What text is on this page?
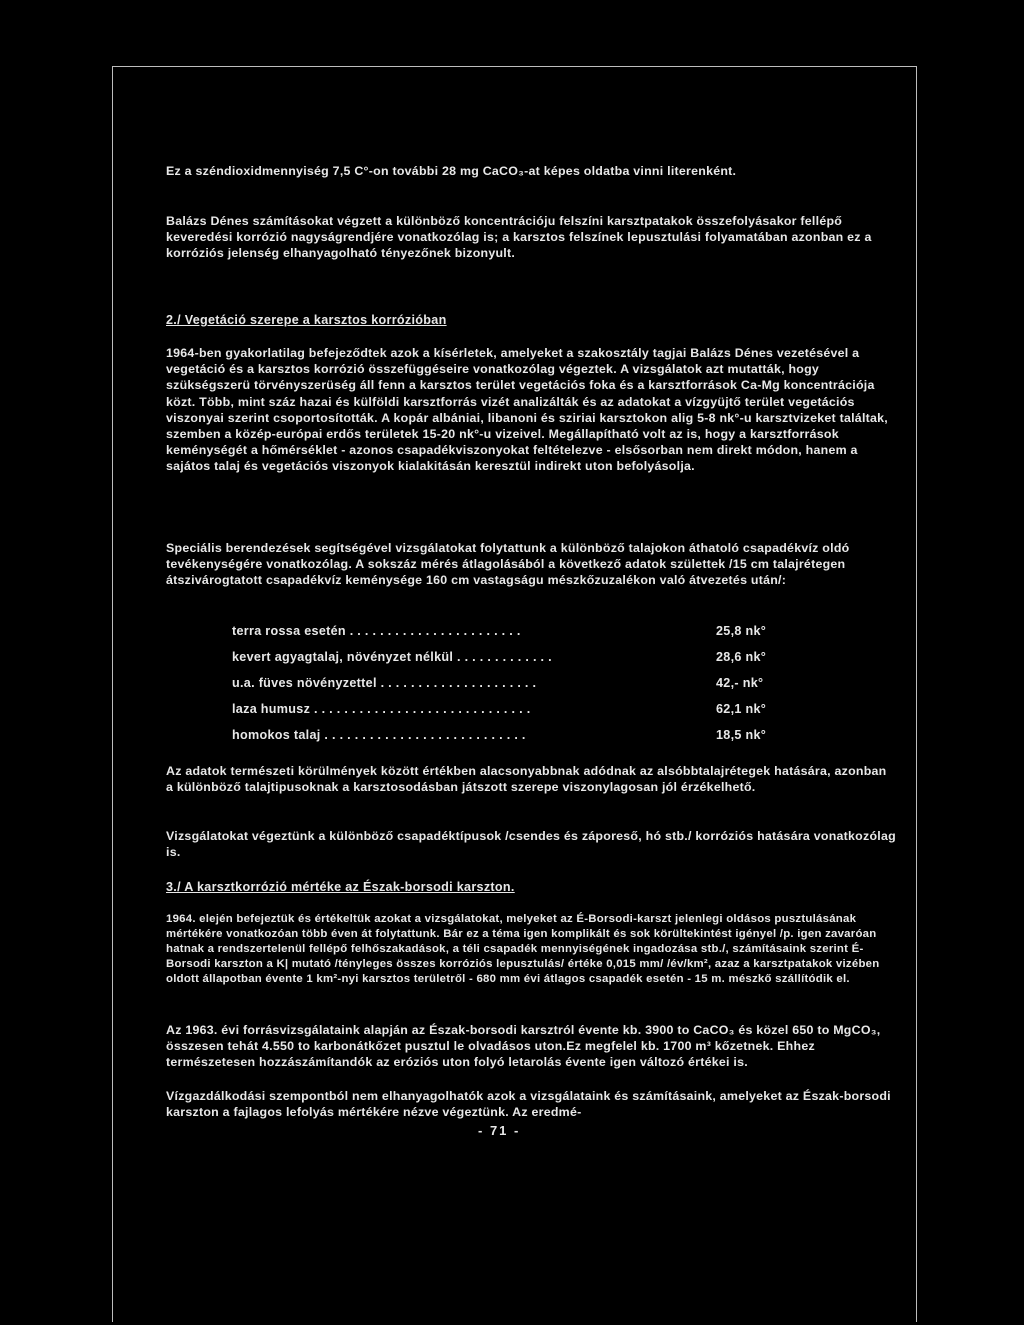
Ez a széndioxidmennyiség 7,5 C°-on további 28 mg CaCO₃-at képes oldatba vinni literenként.

Balázs Dénes számításokat végzett a különböző koncentrációju felszíni karsztpatakok összefolyásakor fellépő keveredési korrózió nagyságrendjére vonatkozólag is; a karsztos felszínek lepusztulási folyamatában azonban ez a korróziós jelenség elhanyagolható tényezőnek bizonyult.

2./ Vegetáció szerepe a karsztos korrózióban

1964-ben gyakorlatilag befejeződtek azok a kísérletek, amelyeket a szakosztály tagjai Balázs Dénes vezetésével a vegetáció és a karsztos korrózió összefüggéseire vonatkozólag végeztek. A vizsgálatok azt mutatták, hogy szükségszerü törvényszerüség áll fenn a karsztos terület vegetációs foka és a karsztforrások Ca-Mg koncentrációja közt. Több, mint száz hazai és külföldi karsztforrás vizét analizálták és az adatokat a vízgyüjtő terület vegetációs viszonyai szerint csoportosították. A kopár albániai, libanoni és sziriai karsztokon alig 5-8 nk°-u karsztvizeket találtak, szemben a közép-európai erdős területek 15-20 nk°-u vizeivel. Megállapítható volt az is, hogy a karsztforrások keménységét a hőmérséklet - azonos csapadékviszonyokat feltételezve - elsősorban nem direkt módon, hanem a sajátos talaj és vegetációs viszonyok kialakitásán keresztül indirekt uton befolyásolja.

Speciális berendezések segítségével vizsgálatokat folytattunk a különböző talajokon áthatoló csapadékvíz oldó tevékenységére vonatkozólag. A sokszáz mérés átlagolásából a következő adatok születtek /15 cm talajrétegen átszivárogtatott csapadékvíz keménysége 160 cm vastagságu mészkőzuzalékon való átvezetés után/:

terra rossa esetén . . . . . . . . . . . . . . . . . . . . . . .	25,8 nk°
kevert agyagtalaj, növényzet nélkül . . . . . . . . . . . . .	28,6 nk°
u.a. füves növényzettel . . . . . . . . . . . . . . . . . . . . .	42,- nk°
laza humusz . . . . . . . . . . . . . . . . . . . . . . . . . . . . .	62,1 nk°
homokos talaj . . . . . . . . . . . . . . . . . . . . . . . . . . .	18,5 nk°

Az adatok természeti körülmények között értékben alacsonyabbnak adódnak az alsóbbtalajrétegek hatására, azonban a különböző talajtipusoknak a karsztosodásban játszott szerepe viszonylagosan jól érzékelhető.

Vizsgálatokat végeztünk a különböző csapadéktípusok /csendes és záporeső, hó stb./ korróziós hatására vonatkozólag is.

3./ A karsztkorrózió mértéke az Észak-borsodi karszton.

1964. elején befejeztük és értékeltük azokat a vizsgálatokat, melyeket az É-Borsodi-karszt jelenlegi oldásos pusztulásának mértékére vonatkozóan több éven át folytattunk. Bár ez a téma igen komplikált és sok körültekintést igényel /p. igen zavaróan hatnak a rendszertelenül fellépő felhőszakadások, a téli csapadék mennyiségének ingadozása stb./, számításaink szerint É-Borsodi karszton a K| mutató /tényleges összes korróziós lepusztulás/ értéke 0,015 mm/ /év/km², azaz a karsztpatakok vizében oldott állapotban évente 1 km²-nyi karsztos területről - 680 mm évi átlagos csapadék esetén - 15 m. mészkő szállítódik el.

Az 1963. évi forrásvizsgálataink alapján az Észak-borsodi karsztról évente kb. 3900 to CaCO₃ és közel 650 to MgCO₃, összesen tehát 4.550 to karbonátkőzet pusztul le olvadásos uton.Ez megfelel kb. 1700 m³ kőzetnek. Ehhez természetesen hozzászámítandók az eróziós uton folyó letarolás évente igen változó értékei is.

Vízgazdálkodási szempontból nem elhanyagolhatók azok a vizsgálataink és számításaink, amelyeket az Észak-borsodi karszton a fajlagos lefolyás mértékére nézve végeztünk. Az eredmé-

- 71 -
